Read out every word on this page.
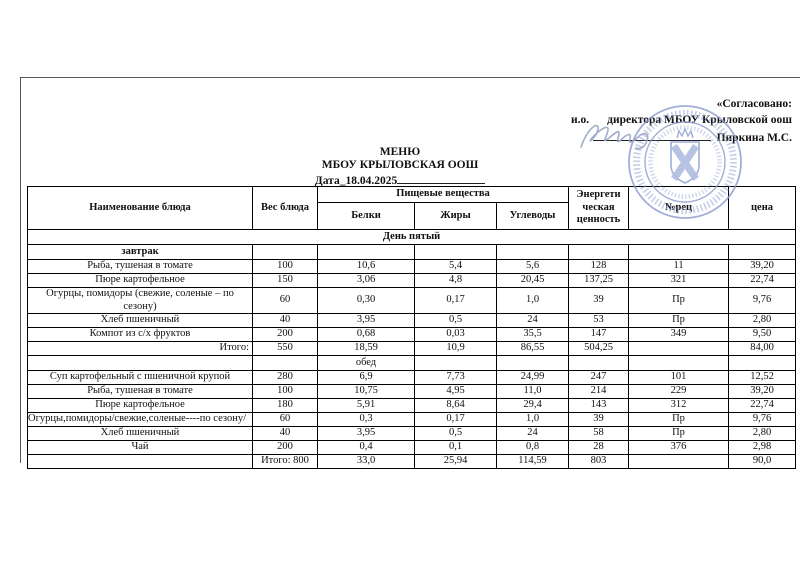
«Согласовано:
и.о. директора МБОУ Крыловской оош
Пиркина М.С.
МЕНЮ
МБОУ КРЫЛОВСКАЯ ООШ
Дата_18.04.2025
Наименование блюда	Вес блюда	Пищевые вещества			Энергети ческая ценность	№рец	цена
		Белки	Жиры	Углеводы			
День пятый							
завтрак							
Рыба, тушеная в томате	100	10,6	5,4	5,6	128	11	39,20
Пюре картофельное	150	3,06	4,8	20,45	137,25	321	22,74
Огурцы, помидоры (свежие, соленые – по сезону)	60	0,30	0,17	1,0	39	Пр	9,76
Хлеб пшеничный	40	3,95	0,5	24	53	Пр	2,80
Компот из с/х фруктов	200	0,68	0,03	35,5	147	349	9,50
Итого:	550	18,59	10,9	86,55	504,25		84,00
		обед					
Суп картофельный с пшеничной крупой	280	6,9	7,73	24,99	247	101	12,52
Рыба, тушеная в томате	100	10,75	4,95	11,0	214	229	39,20
Пюре картофельное	180	5,91	8,64	29,4	143	312	22,74
Огурцы,помидоры/свежие,соленые----по сезону/	60	0,3	0,17	1,0	39	Пр	9,76
Хлеб пшеничный	40	3,95	0,5	24	58	Пр	2,80
Чай	200	0,4	0,1	0,8	28	376	2,98
	Итого: 800	33,0	25,94	114,59	803		90,0
